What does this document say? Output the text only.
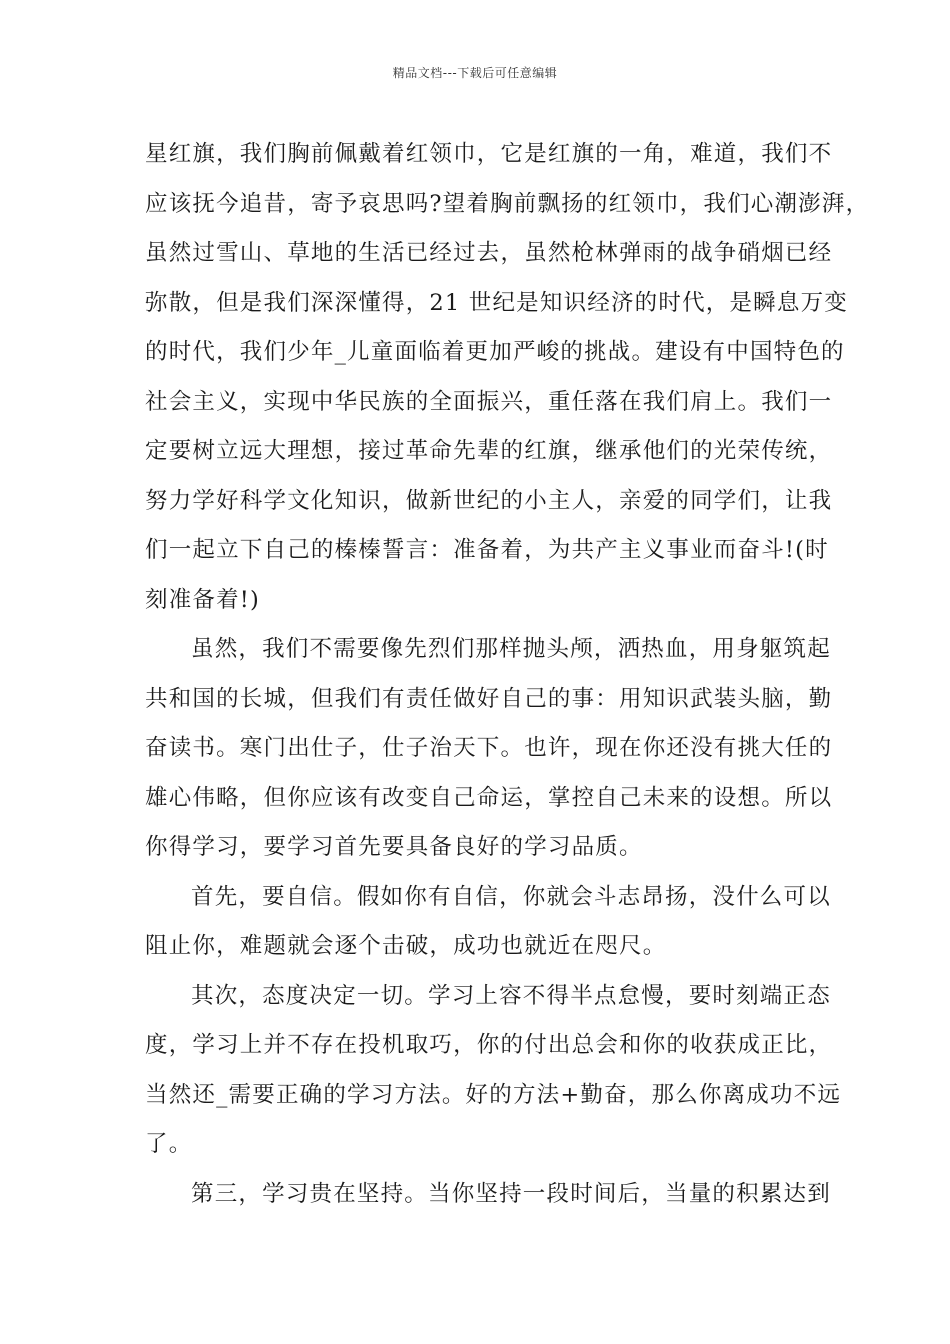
精品文档---下载后可任意编辑
星红旗，我们胸前佩戴着红领巾，它是红旗的一角，难道，我们不
应该抚今追昔，寄予哀思吗?望着胸前飘扬的红领巾，我们心潮澎湃，
虽然过雪山、草地的生活已经过去，虽然枪林弹雨的战争硝烟已经
弥散，但是我们深深懂得，21 世纪是知识经济的时代，是瞬息万变
的时代，我们少年_儿童面临着更加严峻的挑战。建设有中国特色的
社会主义，实现中华民族的全面振兴，重任落在我们肩上。我们一
定要树立远大理想，接过革命先辈的红旗，继承他们的光荣传统，
努力学好科学文化知识，做新世纪的小主人，亲爱的同学们，让我
们一起立下自己的榛榛誓言：准备着，为共产主义事业而奋斗!(时
刻准备着!)
虽然，我们不需要像先烈们那样抛头颅，洒热血，用身躯筑起
共和国的长城，但我们有责任做好自己的事：用知识武装头脑，勤
奋读书。寒门出仕子，仕子治天下。也许，现在你还没有挑大任的
雄心伟略，但你应该有改变自己命运，掌控自己未来的设想。所以
你得学习，要学习首先要具备良好的学习品质。
首先，要自信。假如你有自信，你就会斗志昂扬，没什么可以
阻止你，难题就会逐个击破，成功也就近在咫尺。
其次，态度决定一切。学习上容不得半点怠慢，要时刻端正态
度，学习上并不存在投机取巧，你的付出总会和你的收获成正比，
当然还_需要正确的学习方法。好的方法+勤奋，那么你离成功不远
了。
第三，学习贵在坚持。当你坚持一段时间后，当量的积累达到
